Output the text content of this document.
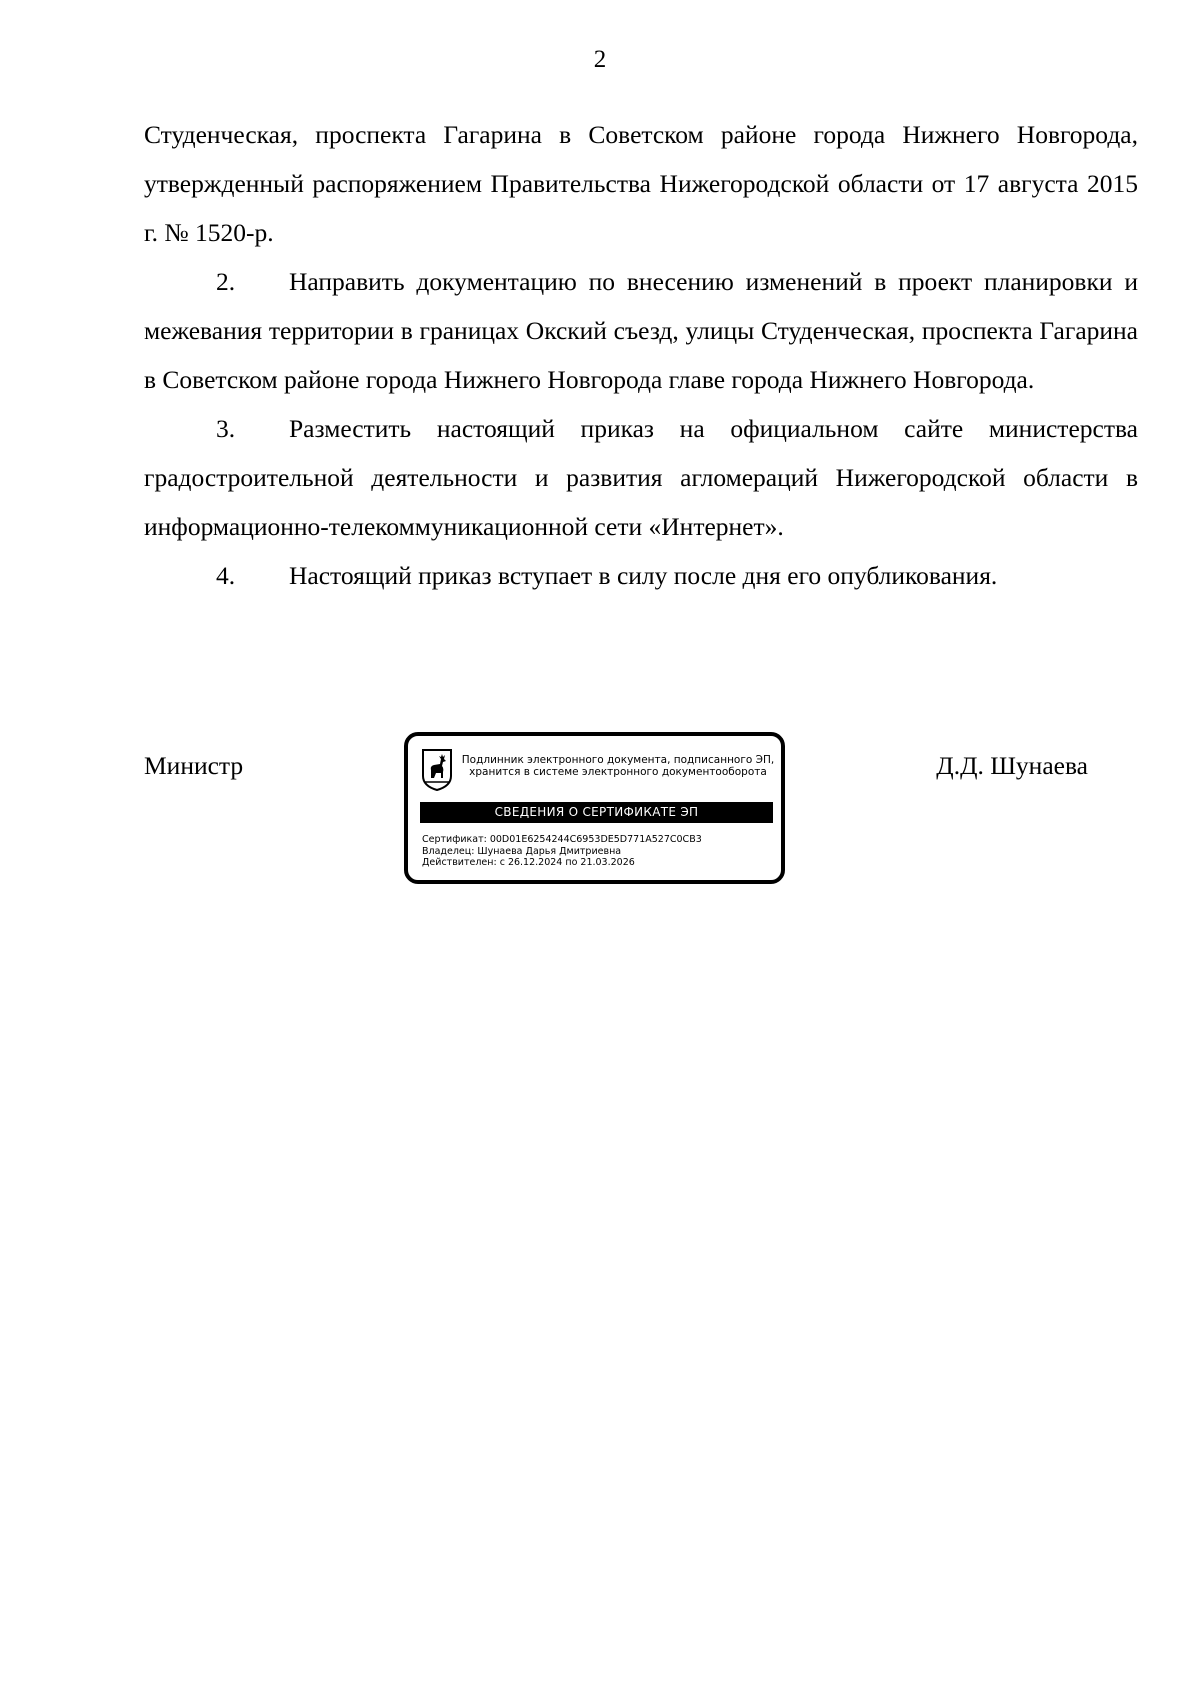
2

Студенческая, проспекта Гагарина в Советском районе города Нижнего Новгорода, утвержденный распоряжением Правительства Нижегородской области от 17 августа 2015 г. № 1520-р.

2. Направить документацию по внесению изменений в проект планировки и межевания территории в границах Окский съезд, улицы Студенческая, проспекта Гагарина в Советском районе города Нижнего Новгорода главе города Нижнего Новгорода.

3. Разместить настоящий приказ на официальном сайте министерства градостроительной деятельности и развития агломераций Нижегородской области в информационно-телекоммуникационной сети «Интернет».

4. Настоящий приказ вступает в силу после дня его опубликования.

Министр	Подлинник электронного документа, подписанного ЭП,
хранится в системе электронного документооборота
СВЕДЕНИЯ О СЕРТИФИКАТЕ ЭП
Сертификат: 00D01E6254244C6953DE5D771A527C0CB3
Владелец: Шунаева Дарья Дмитриевна
Действителен: с 26.12.2024 по 21.03.2026
Д.Д. Шунаева
